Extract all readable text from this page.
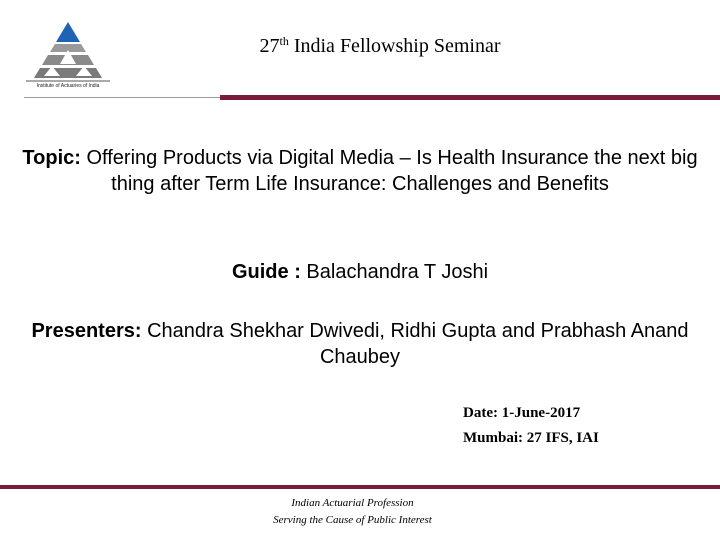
Institute of Actuaries of India
27th India Fellowship Seminar
Topic: Offering Products via Digital Media – Is Health Insurance the next big thing after Term Life Insurance: Challenges and Benefits
Guide : Balachandra T Joshi
Presenters: Chandra Shekhar Dwivedi, Ridhi Gupta and Prabhash Anand Chaubey
Date: 1-June-2017
Mumbai: 27 IFS, IAI
Indian Actuarial Profession
Serving the Cause of Public Interest
